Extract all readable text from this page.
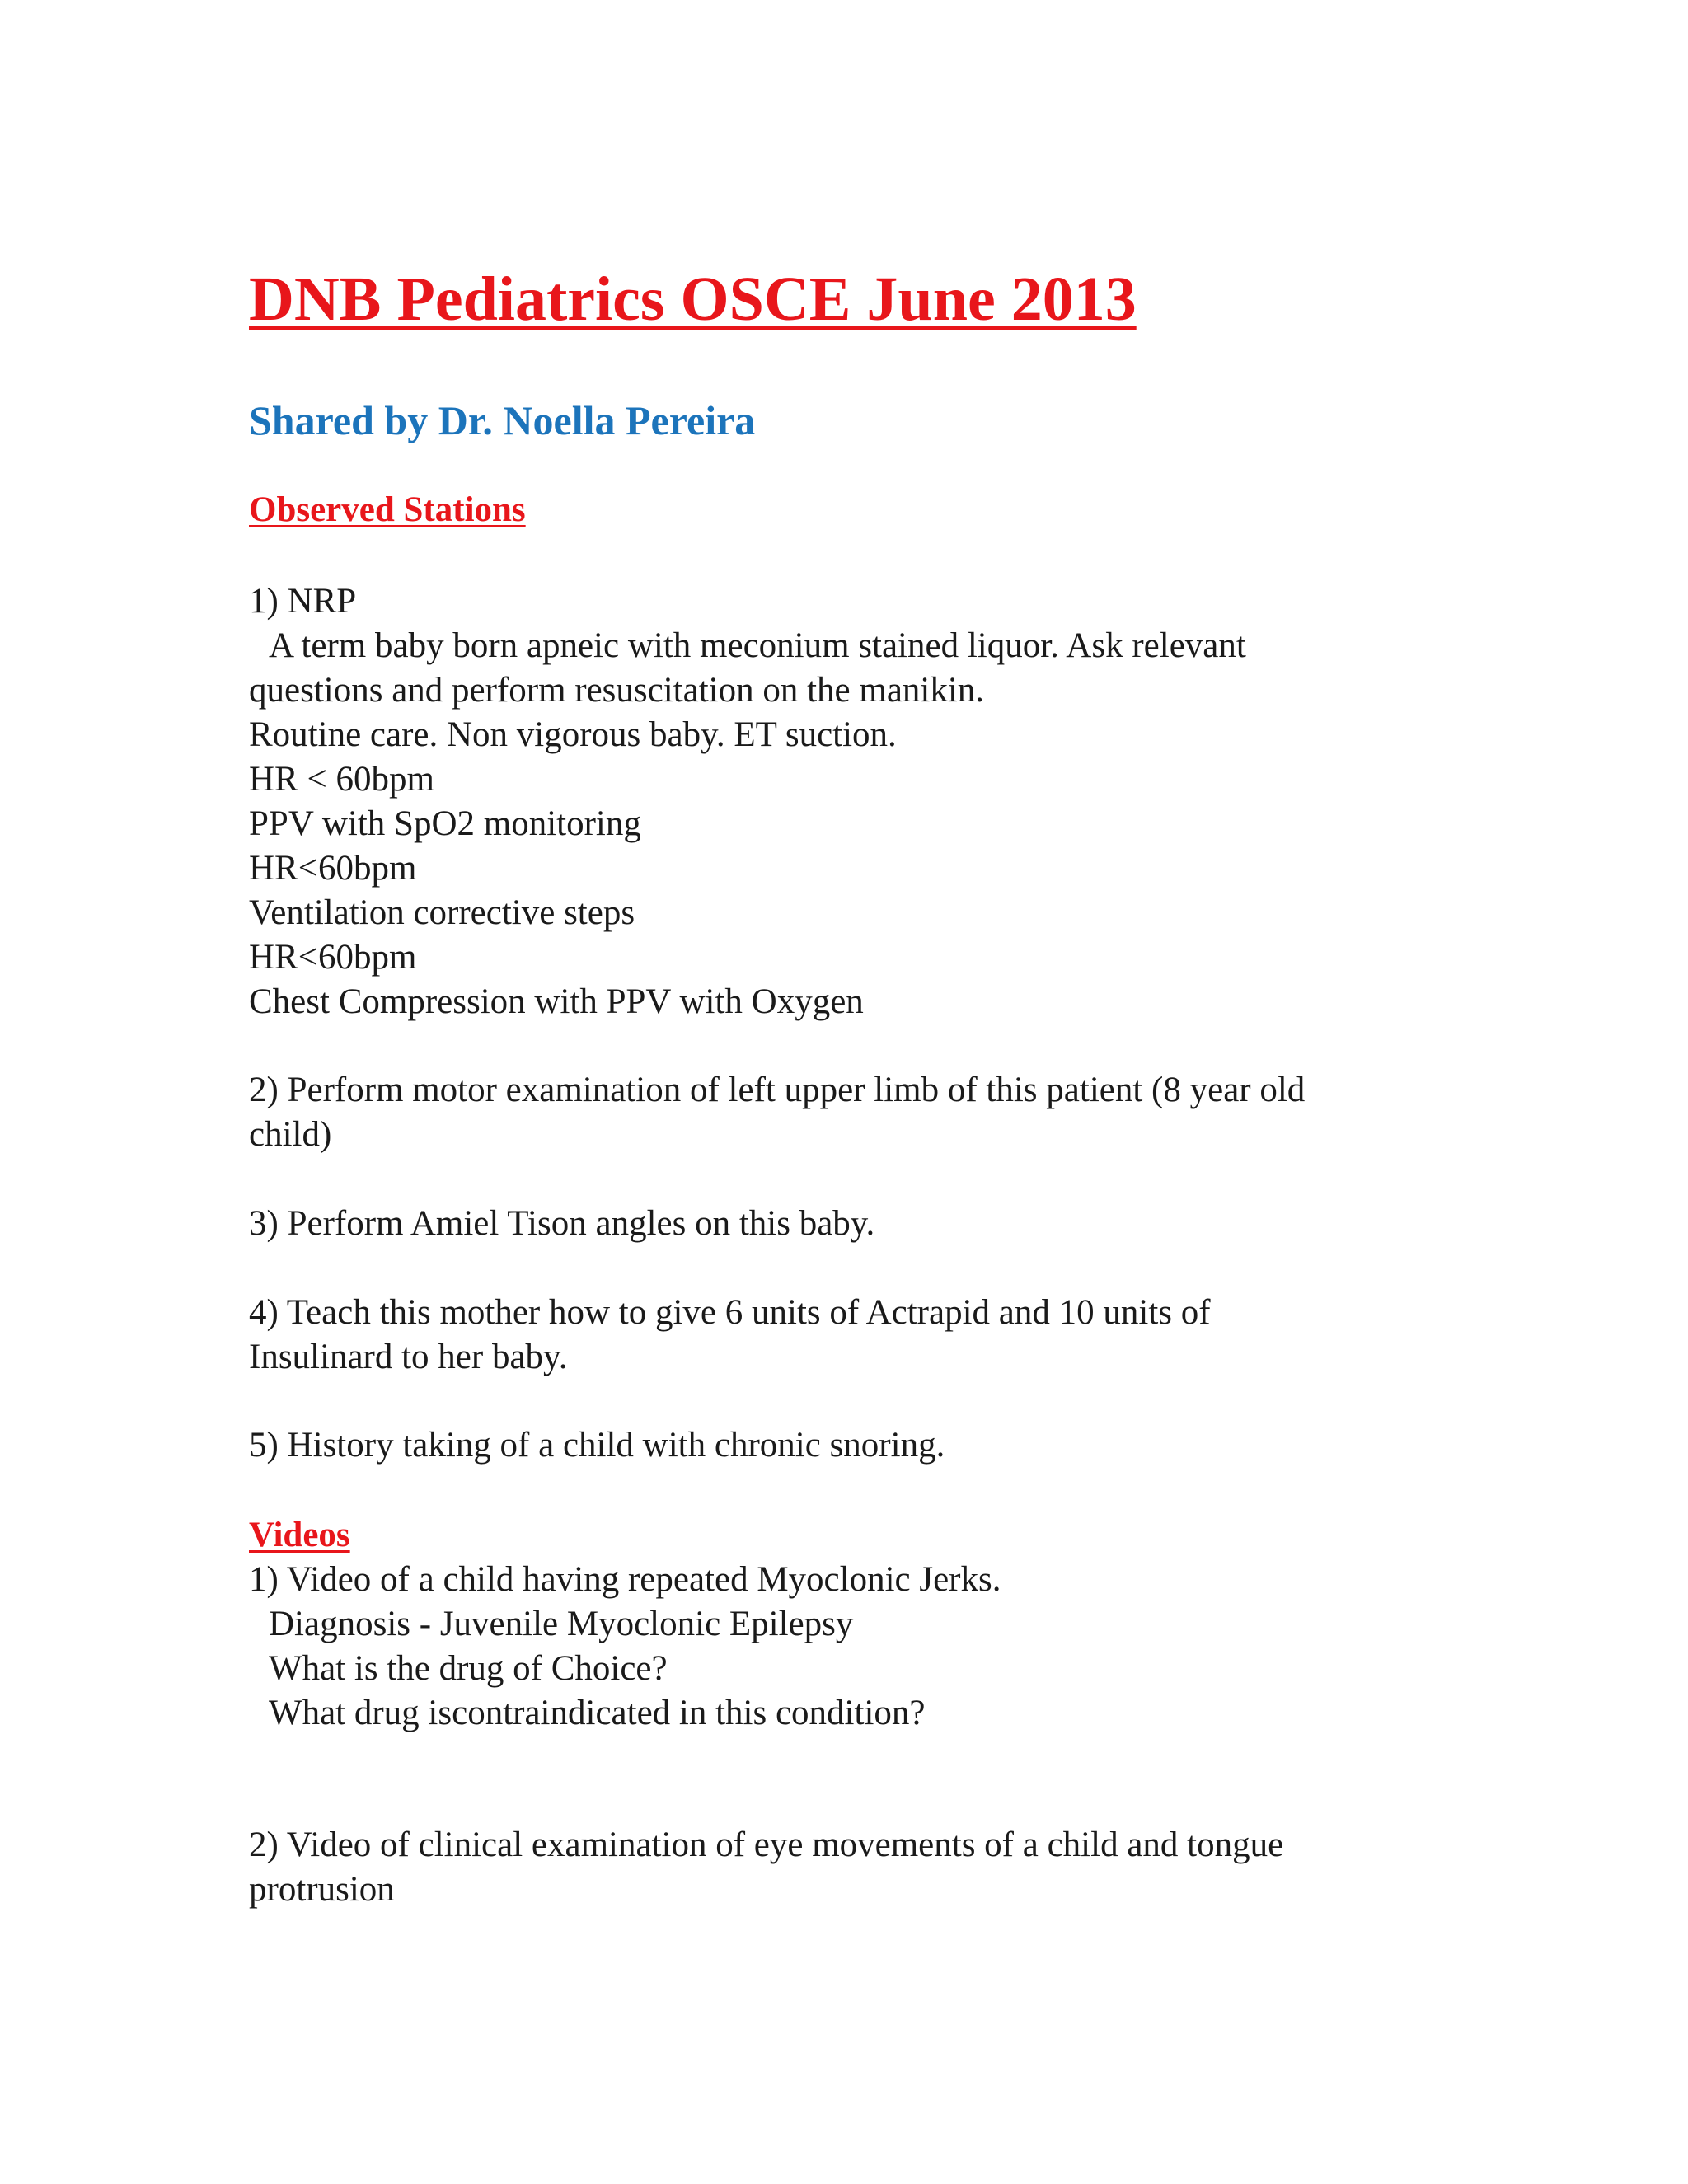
DNB Pediatrics OSCE June 2013
Shared by Dr. Noella Pereira

Observed Stations

1) NRP

A term baby born apneic with meconium stained liquor. Ask relevant

questions and perform resuscitation on the manikin.

Routine care. Non vigorous baby. ET suction.

HR < 60bpm

PPV with SpO2 monitoring

HR<60bpm

Ventilation corrective steps

HR<60bpm

Chest Compression with PPV with Oxygen

2) Perform motor examination of left upper limb of this patient (8 year old

child)

3) Perform Amiel Tison angles on this baby.

4) Teach this mother how to give 6 units of Actrapid and 10 units of

Insulinard to her baby.

5) History taking of a child with chronic snoring.

Videos

1) Video of a child having repeated Myoclonic Jerks.

Diagnosis - Juvenile Myoclonic Epilepsy

What is the drug of Choice?

What drug iscontraindicated in this condition?

2) Video of clinical examination of eye movements of a child and tongue

protrusion
